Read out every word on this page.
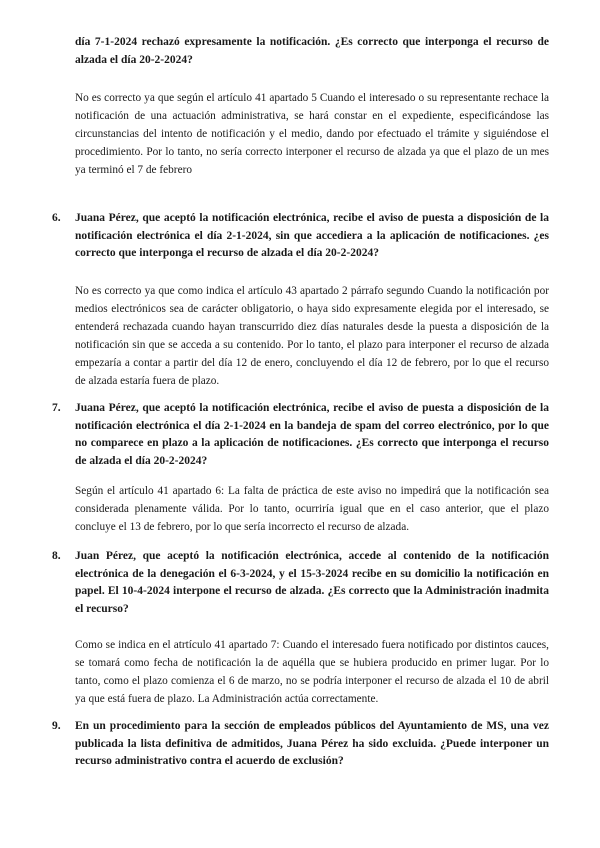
día 7-1-2024 rechazó expresamente la notificación. ¿Es correcto que interponga el recurso de alzada el día 20-2-2024?
No es correcto ya que según el artículo 41 apartado 5 Cuando el interesado o su representante rechace la notificación de una actuación administrativa, se hará constar en el expediente, especificándose las circunstancias del intento de notificación y el medio, dando por efectuado el trámite y siguiéndose el procedimiento. Por lo tanto, no sería correcto interponer el recurso de alzada ya que el plazo de un mes ya terminó el 7 de febrero
6.	Juana Pérez, que aceptó la notificación electrónica, recibe el aviso de puesta a disposición de la notificación electrónica el día 2-1-2024, sin que accediera a la aplicación de notificaciones. ¿es correcto que interponga el recurso de alzada el día 20-2-2024?
No es correcto ya que como indica el artículo 43 apartado 2 párrafo segundo Cuando la notificación por medios electrónicos sea de carácter obligatorio, o haya sido expresamente elegida por el interesado, se entenderá rechazada cuando hayan transcurrido diez días naturales desde la puesta a disposición de la notificación sin que se acceda a su contenido. Por lo tanto, el plazo para interponer el recurso de alzada empezaría a contar a partir del día 12 de enero, concluyendo el día 12 de febrero, por lo que el recurso de alzada estaría fuera de plazo.
7.	Juana Pérez, que aceptó la notificación electrónica, recibe el aviso de puesta a disposición de la notificación electrónica el día 2-1-2024 en la bandeja de spam del correo electrónico, por lo que no comparece en plazo a la aplicación de notificaciones. ¿Es correcto que interponga el recurso de alzada el día 20-2-2024?
Según el artículo 41 apartado 6: La falta de práctica de este aviso no impedirá que la notificación sea considerada plenamente válida. Por lo tanto, ocurriría igual que en el caso anterior, que el plazo concluye el 13 de febrero, por lo que sería incorrecto el recurso de alzada.
8.	Juan Pérez, que aceptó la notificación electrónica, accede al contenido de la notificación electrónica de la denegación el 6-3-2024, y el 15-3-2024 recibe en su domicilio la notificación en papel. El 10-4-2024 interpone el recurso de alzada. ¿Es correcto que la Administración inadmita el recurso?
Como se indica en el atrtículo 41 apartado 7: Cuando el interesado fuera notificado por distintos cauces, se tomará como fecha de notificación la de aquélla que se hubiera producido en primer lugar. Por lo tanto, como el plazo comienza el 6 de marzo, no se podría interponer el recurso de alzada el 10 de abril ya que está fuera de plazo. La Administración actúa correctamente.
9.	En un procedimiento para la sección de empleados públicos del Ayuntamiento de MS, una vez publicada la lista definitiva de admitidos, Juana Pérez ha sido excluida. ¿Puede interponer un recurso administrativo contra el acuerdo de exclusión?
